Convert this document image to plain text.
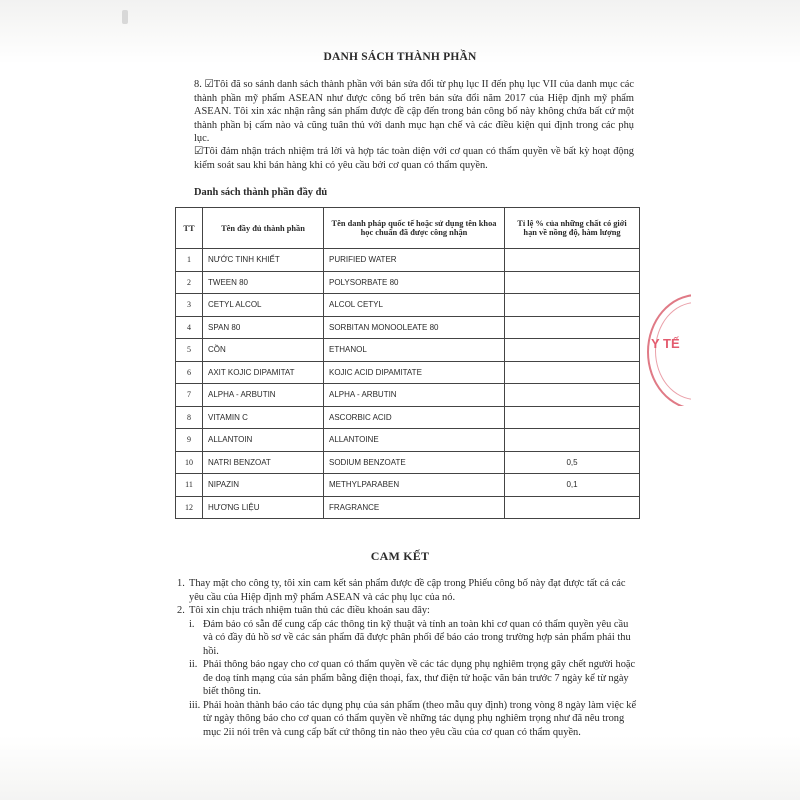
DANH SÁCH THÀNH PHẦN
8. ☑Tôi đã so sánh danh sách thành phần với bản sửa đổi từ phụ lục II đến phụ lục VII của danh mục các thành phần mỹ phẩm ASEAN như được công bố trên bản sửa đổi năm 2017 của Hiệp định mỹ phẩm ASEAN. Tôi xin xác nhận rằng sản phẩm được đề cập đến trong bản công bố này không chứa bất cứ một thành phần bị cấm nào và cũng tuân thủ với danh mục hạn chế và các điều kiện qui định trong các phụ lục.
☑Tôi đảm nhận trách nhiệm trả lời và hợp tác toàn diện với cơ quan có thẩm quyền về bất kỳ hoạt động kiểm soát sau khi bán hàng khi có yêu cầu bởi cơ quan có thẩm quyền.
Danh sách thành phần đầy đủ
TT	Tên đầy đủ thành phần	Tên danh pháp quốc tế hoặc sử dụng tên khoa học chuẩn đã được công nhận	Tỉ lệ % của những chất có giới hạn về nồng độ, hàm lượng
1	NƯỚC TINH KHIẾT	PURIFIED WATER	
2	TWEEN 80	POLYSORBATE 80	
3	CETYL ALCOL	ALCOL CETYL	
4	SPAN 80	SORBITAN MONOOLEATE 80	
5	CỒN	ETHANOL	
6	AXIT KOJIC DIPAMITAT	KOJIC ACID DIPAMITATE	
7	ALPHA - ARBUTIN	ALPHA - ARBUTIN	
8	VITAMIN C	ASCORBIC ACID	
9	ALLANTOIN	ALLANTOINE	
10	NATRI BENZOAT	SODIUM BENZOATE	0,5
11	NIPAZIN	METHYLPARABEN	0,1
12	HƯƠNG LIỆU	FRAGRANCE	
CAM KẾT
1. Thay mặt cho công ty, tôi xin cam kết sản phẩm được đề cập trong Phiếu công bố này đạt được tất cả các yêu cầu của Hiệp định mỹ phẩm ASEAN và các phụ lục của nó.
2. Tôi xin chịu trách nhiệm tuân thủ các điều khoản sau đây:
i. Đảm bảo có sẵn để cung cấp các thông tin kỹ thuật và tính an toàn khi cơ quan có thẩm quyền yêu cầu và có đầy đủ hồ sơ về các sản phẩm đã được phân phối để báo cáo trong trường hợp sản phẩm phải thu hồi.
ii. Phải thông báo ngay cho cơ quan có thẩm quyền về các tác dụng phụ nghiêm trọng gây chết người hoặc đe doạ tính mạng của sản phẩm bằng điện thoại, fax, thư điện tử hoặc văn bản trước 7 ngày kể từ ngày biết thông tin.
iii. Phải hoàn thành báo cáo tác dụng phụ của sản phẩm (theo mẫu quy định) trong vòng 8 ngày làm việc kể từ ngày thông báo cho cơ quan có thẩm quyền về những tác dụng phụ nghiêm trọng như đã nêu trong mục 2ii nói trên và cung cấp bất cứ thông tin nào theo yêu cầu của cơ quan có thẩm quyền.
Y TẾ
